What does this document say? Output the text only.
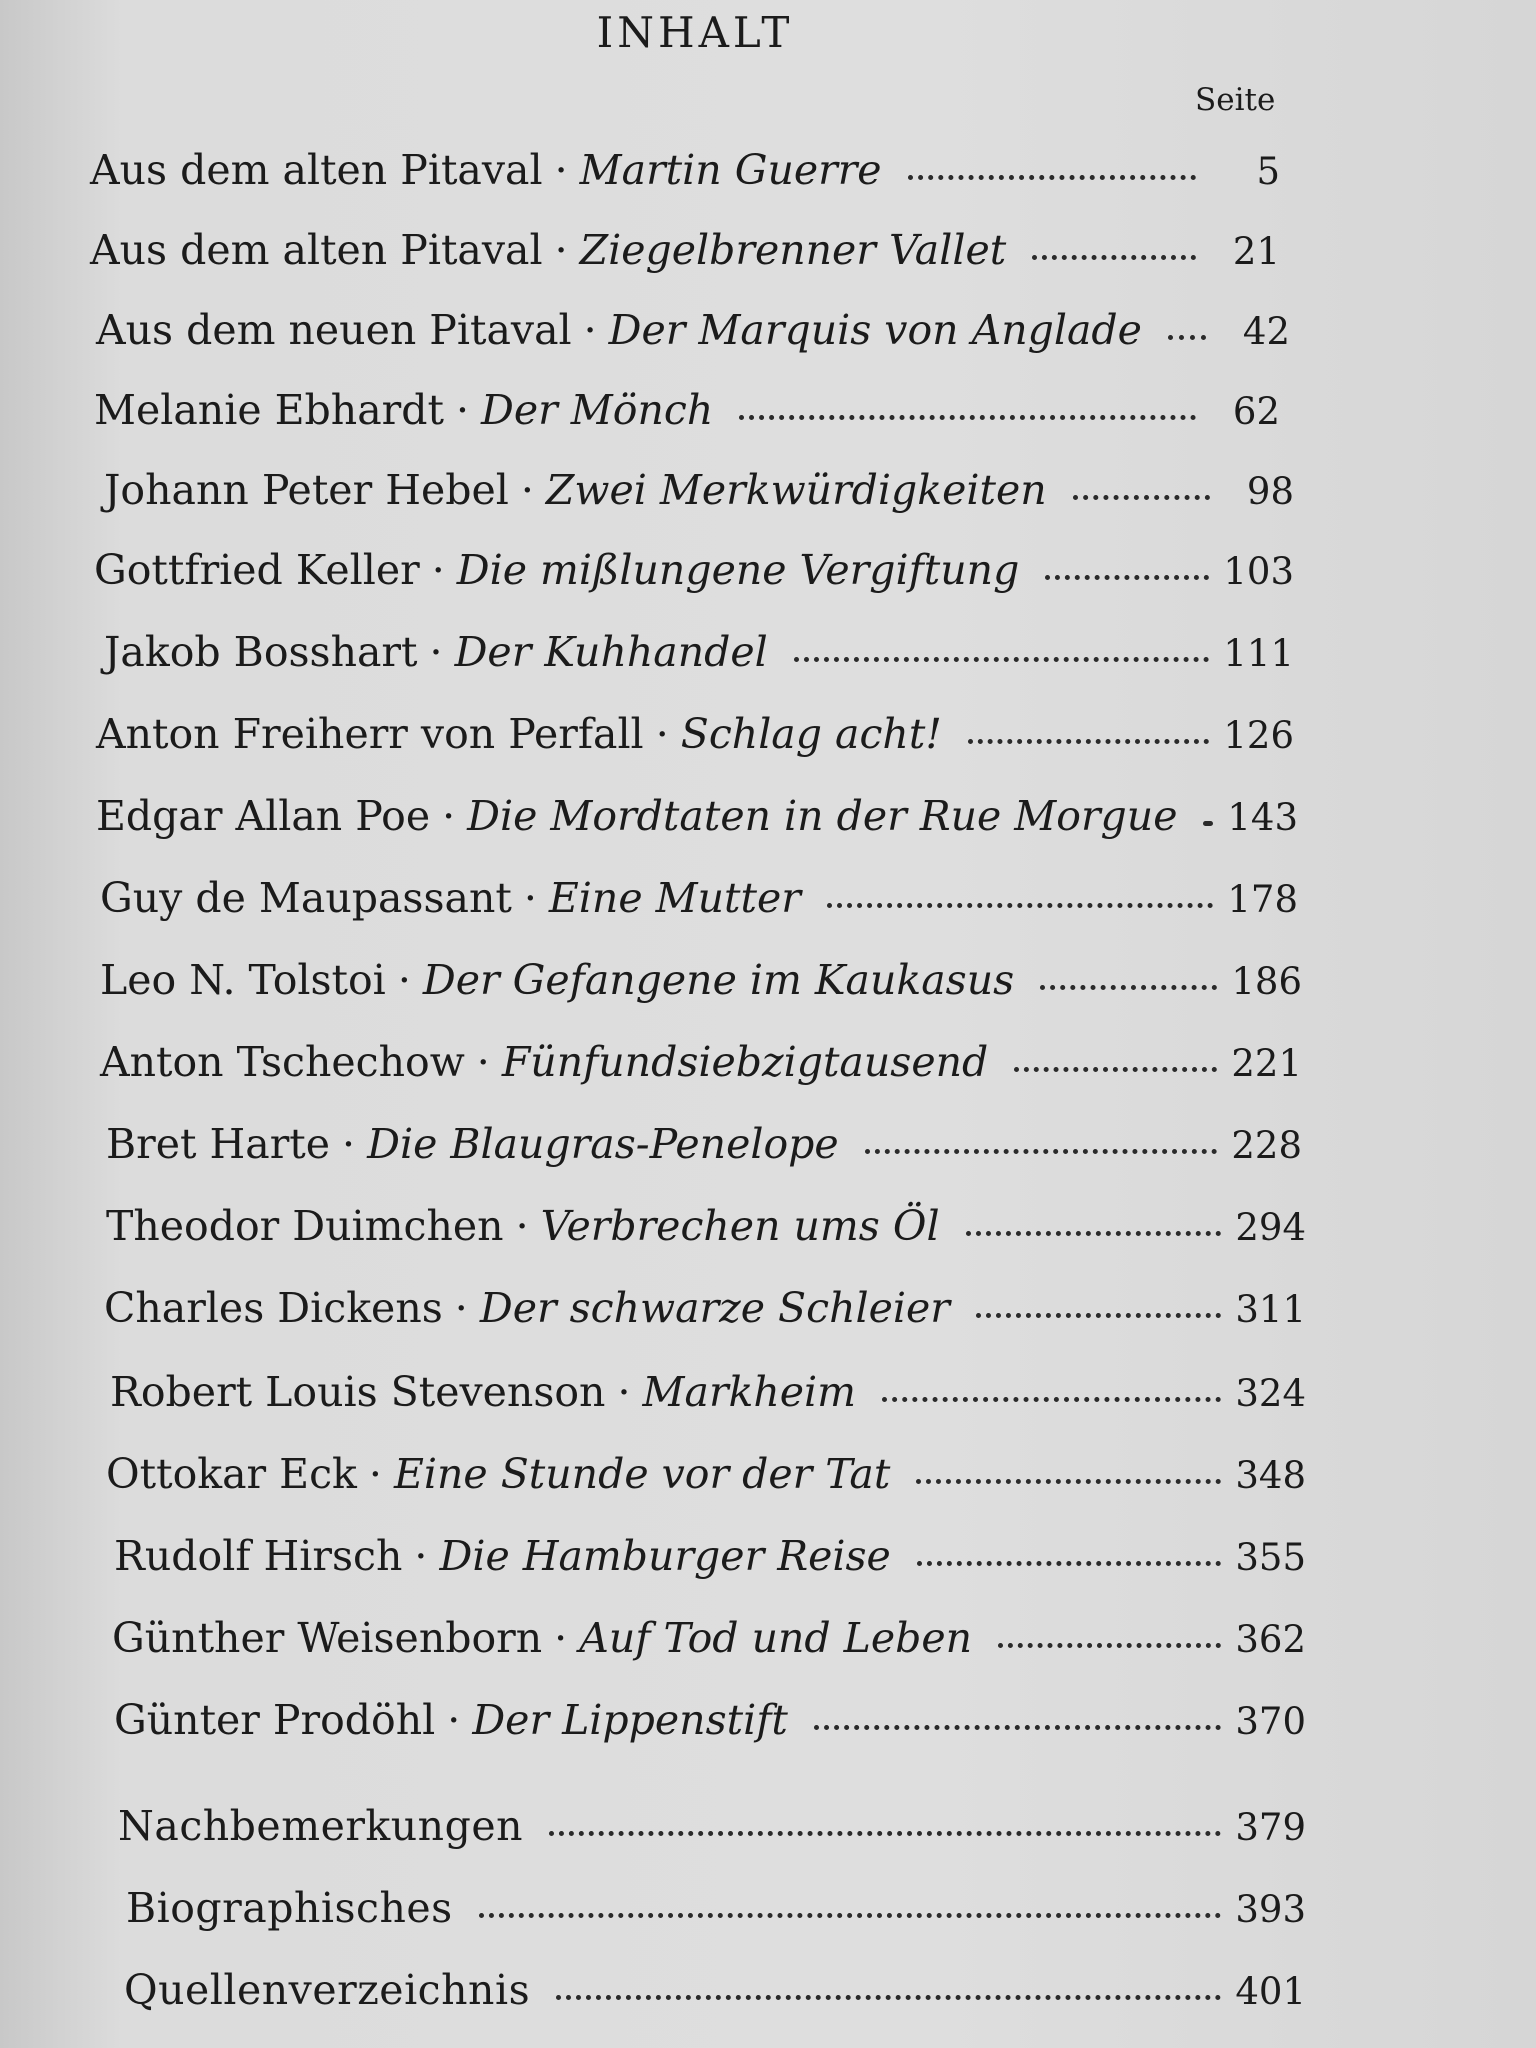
INHALT
Seite
Aus dem alten Pitaval · Martin Guerre	5
Aus dem alten Pitaval · Ziegelbrenner Vallet	21
Aus dem neuen Pitaval · Der Marquis von Anglade	42
Melanie Ebhardt · Der Mönch	62
Johann Peter Hebel · Zwei Merkwürdigkeiten	98
Gottfried Keller · Die mißlungene Vergiftung	103
Jakob Bosshart · Der Kuhhandel	111
Anton Freiherr von Perfall · Schlag acht!	126
Edgar Allan Poe · Die Mordtaten in der Rue Morgue 143
Guy de Maupassant · Eine Mutter	178
Leo N. Tolstoi · Der Gefangene im Kaukasus	186
Anton Tschechow · Fünfundsiebzigtausend	221
Bret Harte · Die Blaugras-Penelope	228
Theodor Duimchen · Verbrechen ums Öl	294
Charles Dickens · Der schwarze Schleier	311
Robert Louis Stevenson · Markheim	324
Ottokar Eck · Eine Stunde vor der Tat	348
Rudolf Hirsch · Die Hamburger Reise	355
Günther Weisenborn · Auf Tod und Leben	362
Günter Prodöhl · Der Lippenstift	370
Nachbemerkungen	379
Biographisches	393
Quellenverzeichnis	401
